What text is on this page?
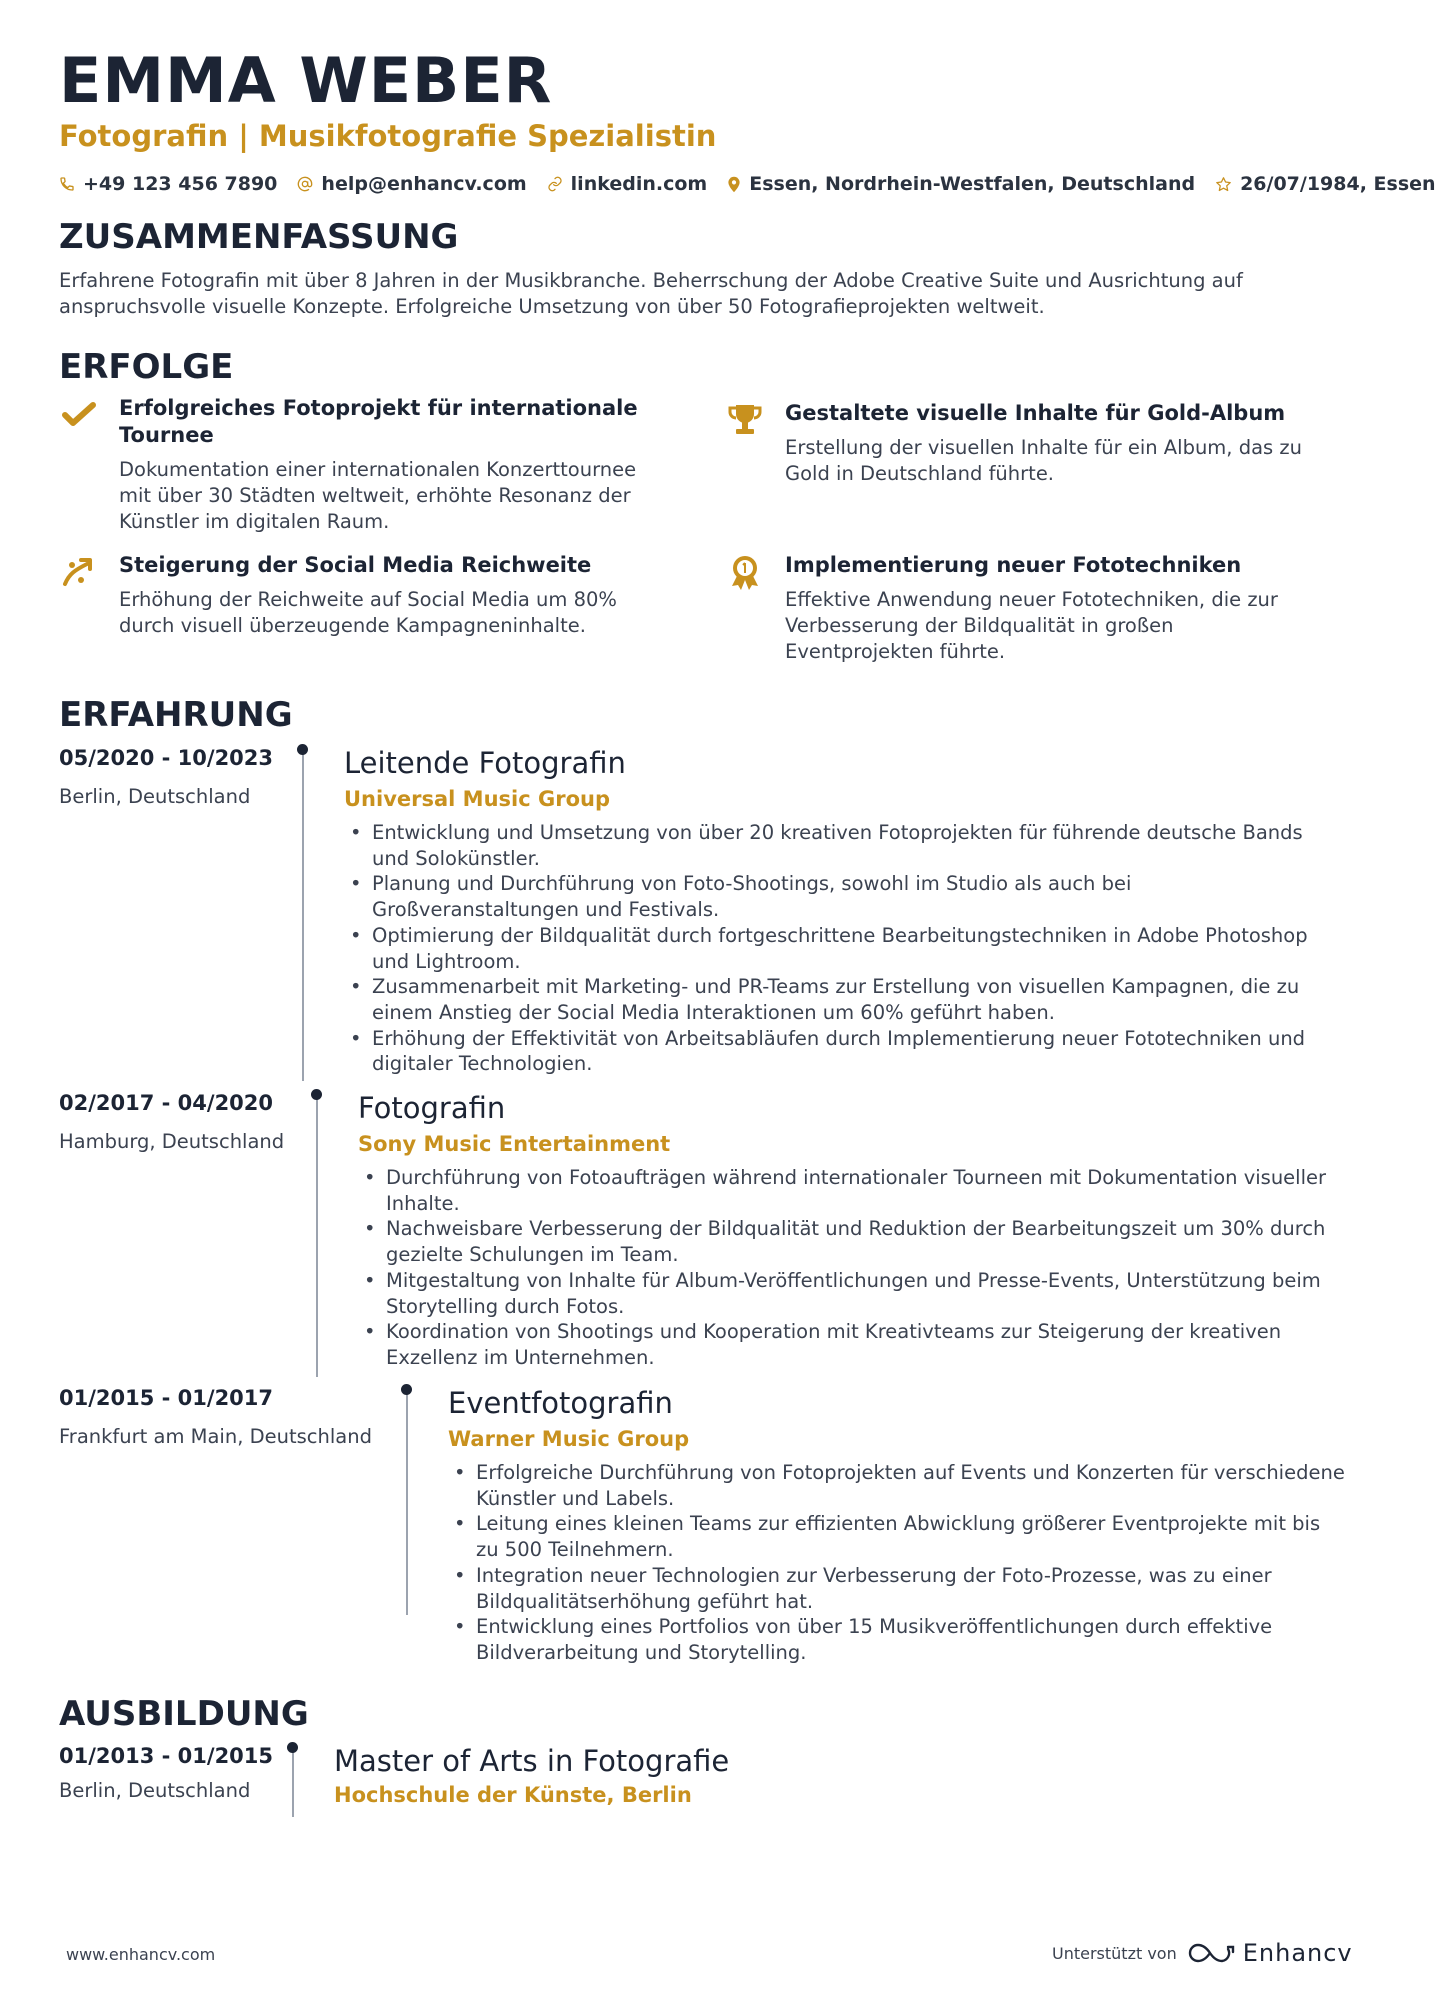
EMMA WEBER
Fotografin | Musikfotografie Spezialistin
+49 123 456 7890 help@enhancv.com linkedin.com Essen, Nordrhein-Westfalen, Deutschland 26/07/1984, Essen
ZUSAMMENFASSUNG
Erfahrene Fotografin mit über 8 Jahren in der Musikbranche. Beherrschung der Adobe Creative Suite und Ausrichtung auf anspruchsvolle visuelle Konzepte. Erfolgreiche Umsetzung von über 50 Fotografieprojekten weltweit.
ERFOLGE
Erfolgreiches Fotoprojekt für internationale Tournee
Dokumentation einer internationalen Konzerttournee mit über 30 Städten weltweit, erhöhte Resonanz der Künstler im digitalen Raum.
Gestaltete visuelle Inhalte für Gold-Album
Erstellung der visuellen Inhalte für ein Album, das zu Gold in Deutschland führte.
Steigerung der Social Media Reichweite
Erhöhung der Reichweite auf Social Media um 80% durch visuell überzeugende Kampagneninhalte.
Implementierung neuer Fototechniken
Effektive Anwendung neuer Fototechniken, die zur Verbesserung der Bildqualität in großen Eventprojekten führte.
ERFAHRUNG
05/2020 - 10/2023
Berlin, Deutschland
Leitende Fotografin
Universal Music Group
• Entwicklung und Umsetzung von über 20 kreativen Fotoprojekten für führende deutsche Bands und Solokünstler.
• Planung und Durchführung von Foto-Shootings, sowohl im Studio als auch bei Großveranstaltungen und Festivals.
• Optimierung der Bildqualität durch fortgeschrittene Bearbeitungstechniken in Adobe Photoshop und Lightroom.
• Zusammenarbeit mit Marketing- und PR-Teams zur Erstellung von visuellen Kampagnen, die zu einem Anstieg der Social Media Interaktionen um 60% geführt haben.
• Erhöhung der Effektivität von Arbeitsabläufen durch Implementierung neuer Fototechniken und digitaler Technologien.
02/2017 - 04/2020
Hamburg, Deutschland
Fotografin
Sony Music Entertainment
• Durchführung von Fotoaufträgen während internationaler Tourneen mit Dokumentation visueller Inhalte.
• Nachweisbare Verbesserung der Bildqualität und Reduktion der Bearbeitungszeit um 30% durch gezielte Schulungen im Team.
• Mitgestaltung von Inhalte für Album-Veröffentlichungen und Presse-Events, Unterstützung beim Storytelling durch Fotos.
• Koordination von Shootings und Kooperation mit Kreativteams zur Steigerung der kreativen Exzellenz im Unternehmen.
01/2015 - 01/2017
Frankfurt am Main, Deutschland
Eventfotografin
Warner Music Group
• Erfolgreiche Durchführung von Fotoprojekten auf Events und Konzerten für verschiedene Künstler und Labels.
• Leitung eines kleinen Teams zur effizienten Abwicklung größerer Eventprojekte mit bis zu 500 Teilnehmern.
• Integration neuer Technologien zur Verbesserung der Foto-Prozesse, was zu einer Bildqualitätserhöhung geführt hat.
• Entwicklung eines Portfolios von über 15 Musikveröffentlichungen durch effektive Bildverarbeitung und Storytelling.
AUSBILDUNG
01/2013 - 01/2015
Berlin, Deutschland
Master of Arts in Fotografie
Hochschule der Künste, Berlin
www.enhancv.com	Unterstützt von	Enhancv
